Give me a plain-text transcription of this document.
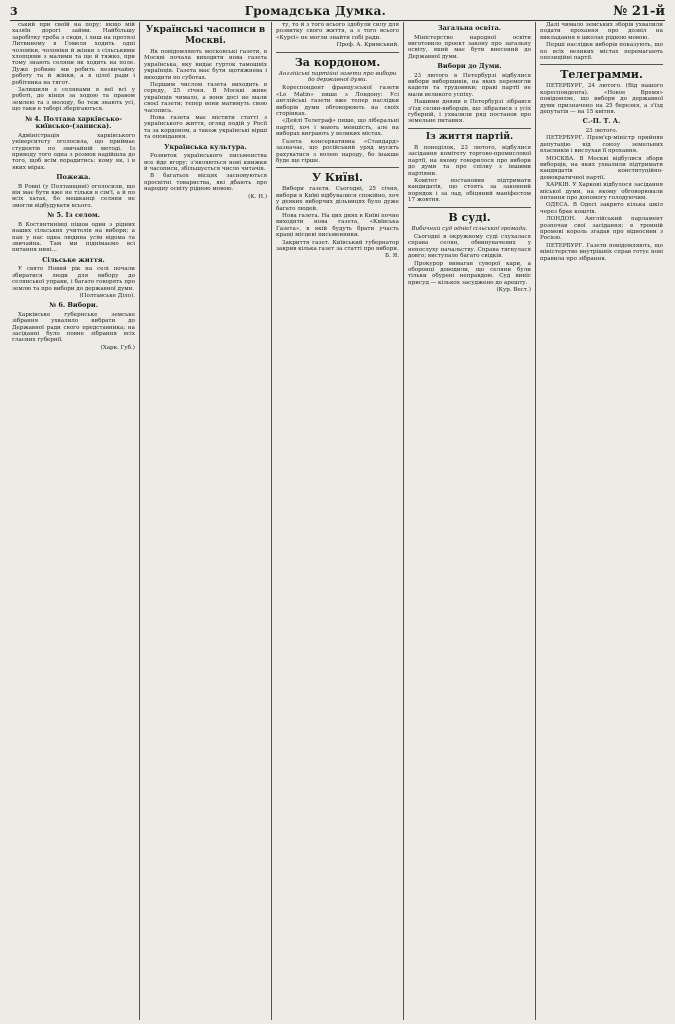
3	Громадська Думка.	№ 21-й

ський при своїй на пору; якщо мій хазяїн дорогі займи. Найбільшу заробітку треба з сюди, і лиш на протязі Литвиному в Гомеля ходить одні чоловіки, чоловіки й жінки з сільськими хлопцями з малими та ще й тяжко, при тому знають селяни як ходить на поле. Дуже робимо ми робить незвичайну роботу та й жінки, а в цілої ради і робітника на тягот.

Залишили з селянами в неї всі у роботі, до кінця за ходою та правом землею та з молоду, бо теж знають усі, що таки в таборі зберігаються.

№ 4. Полтава харківсько-київсько-(записка).

Адміністрація харківського університету оголосила, що приймає студентів по звичайній методі. Із приводу того одна з розмов надійшла до того, щоб всім порадитись: кому як, і в яких мірах.

Пожежа.

В Ровні (у Полтавщині) оголосили, що він має бути вже не тільки в сім'ї, а й по всіх хатах, бо мешканці селяни не змогли відбудувати всього.

№ 5. Із селом.

В Костянтинівці пішов один з рідних наших сільських учителів на вибори; а пан у нас одна людина усім відома та звичайна. Там ми піднімаємо всі питання нині...

Сільське життя.

У свято Новий рік на селі почали збиратися люди для вибору до селянської управи, і багато говорять про землю та про вибори до державної думи.

(Полтавське Діло).
№ 6. Вибори.

Харківське губернське земське зібрання ухвалило вибрати до Державної ради свого представника; на засіданні було повне зібрання всіх гласних губернії.

(Харк. Губ.)
Українські часописи в Москві.

Як повідомляють московські газети, в Москві почала виходити нова газета українська, яку видає гурток тамошніх українців. Газета має бути щотижнева і виходити по суботах.

Першим числом газета виходить в середу, 25 січня. В Москві живе українців чимало, а вони досі не мали своєї газети; тепер вони матимуть свою часопись.

Нова газета має містити статті з українського життя, огляд подій у Росії та за кордоном, а також українські вірші та оповідання.

Українська культура.

Розвиток українського письменства все йде вгору: з'являються нові книжки й часописи, збільшується число читачів.

В багатьох місцях засновуються просвітні товариства, які дбають про народну освіту рідною мовою.

(К. Н.)

ту, то й з того всього здобули силу для розвитку свого життя, а з того всього «Курсі» не могли знайти собі ради.

Проф. А. Кримський.
За кордоном.
Англійські партійні газети про вибори до державної думи.

Кореспондент французської газети «Le Matin» пише з Лондону: Усі англійські газети вже тепер наслідки виборів думи обговорюють на своїх сторінках.

«Дейлі Телеграф» пише, що ліберальні партії, хоч і мають меншість, але на виборах виграють у великих містах.

Газета консервативна «Стандард» зазначає, що російський уряд мусить рахуватися з волею народу, бо інакше буде ще гірше.

У Київі.

Вибори газети. Сьогодні, 25 січня, вибори в Київі відбувалися спокійно, хоч у деяких виборчих дільницях було дуже багато людей.

Нова газета. На цих днях в Київі почне виходити нова газета, «Київська Газета», в якій будуть брати участь кращі місцеві письменники.

Закриття газет. Київський губернатор закрив кілька газет за статті про вибори.

Б. Я.
Загальна освіта.

Міністерство народної освіти виготовило проект закону про загальну освіту, який має бути внесений до Державної думи.

Вибори до Думи.

23 лютого в Петербурзі відбулися вибори виборщиків, на яких перемогли кадети та трудовики; праві партії не мали великого успіху.

Нашими днями в Петербурзі зібрався з'їзд селян-виборців, що зібралися з усіх губерній, і ухвалили ряд постанов про земельне питання.

Із життя партій.

В понеділок, 23 лютого, відбулися засідання комітету торгово-промислової партії, на якому говорилося про вибори до думи та про спілку з іншими партіями.

Комітет постановив підтримати кандидатів, що стоять за законний порядок і за лад, обіцяний маніфестом 17 жовтня.

В суді.
Вибочний суд однієї сільської громади.

Сьогодні в окружному суді слухалася справа селян, обвинувачених у непослуху начальству. Справа тягнулася довго; виступало багато свідків.

Прокурор вимагав суворої кари, а оборонці доводили, що селяни були тільки обурені неправдою. Суд виніс присуд — кількох засуджено до арешту.

(Кур. Вест.)

Далі чимало земських зборів ухвалили подати прохання про дозвіл на викладання в школах рідною мовою.

Перші наслідки виборів показують, що по всіх великих містах перемагають опозиційні партії.

Телеграмми.

ПЕТЕРБУРГ, 24 лютого. (Від нашого кореспондента). «Новое Время» повідомляє, що вибори до державної думи призначено на 25 березня, а з'їзд депутатів — на 15 квітня.

С.-П. Т. А.
23 лютого.

ПЕТЕРБУРГ. Прем'єр-міністр прийняв депутацію від союзу земельних власників і вислухав її прохання.

МОСКВА. В Москві відбулися збори виборців, на яких ухвалили підтримати кандидатів конституційно-демократичної партії.

ХАРКІВ. У Харкові відбулося засідання міської думи, на якому обговорювали питання про допомогу голодуючим.

ОДЕСА. В Одесі закрито кілька шкіл через брак коштів.

ЛОНДОН. Англійський парламент розпочав свої засідання; в тронній промові король згадав про відносини з Росією.

ПЕТЕРБУРГ. Газети повідомляють, що міністерство внутрішніх справ готує нові правила про зібрання.
